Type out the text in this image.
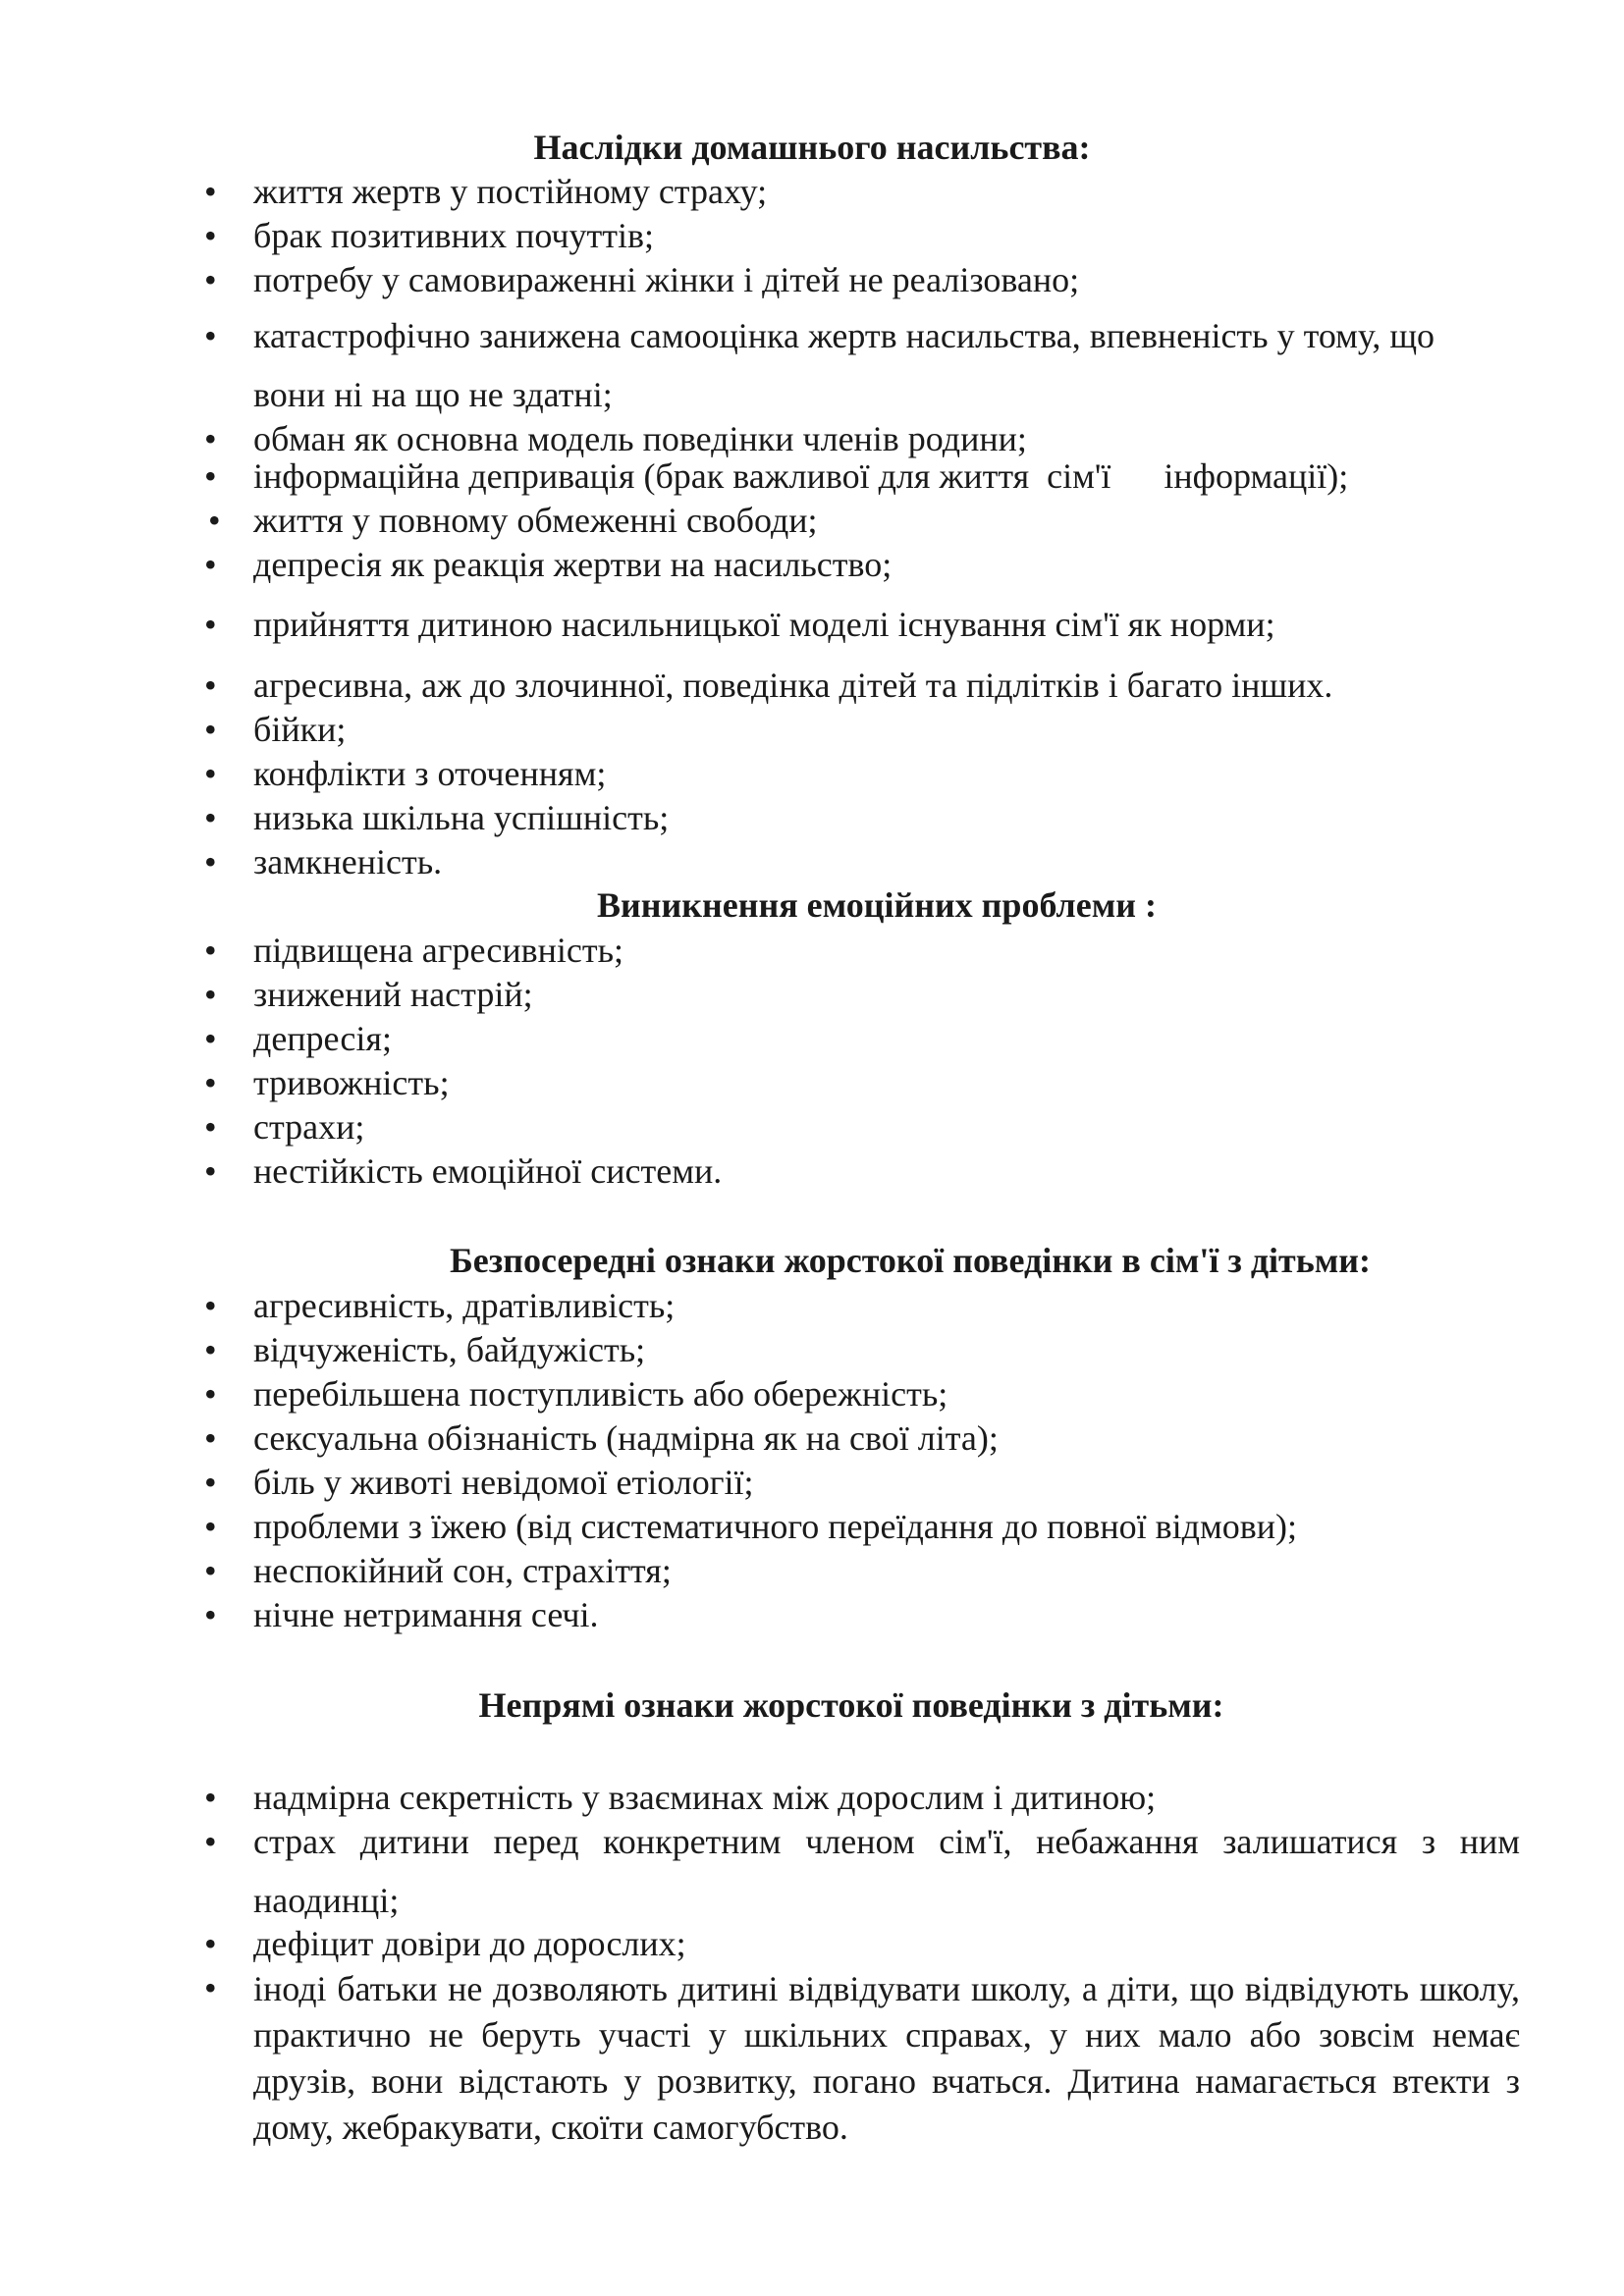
Наслідки домашнього насильства:
• життя жертв у постійному страху;
• брак позитивних почуттів;
• потребу у самовираженні жінки і дітей не реалізовано;
• катастрофічно занижена самооцінка жертв насильства, впевненість у тому, що вони ні на що не здатні;
• обман як основна модель поведінки членів родини;
• інформаційна депривація (брак важливої для життя  сім'ї      інформації);
• життя у повному обмеженні свободи;
• депресія як реакція жертви на насильство;
• прийняття дитиною насильницької моделі існування сім'ї як норми;
• агресивна, аж до злочинної, поведінка дітей та підлітків і багато інших.
• бійки;
• конфлікти з оточенням;
• низька шкільна успішність;
• замкненість.
Виникнення емоційних проблеми :
• підвищена агресивність;
• знижений настрій;
• депресія;
• тривожність;
• страхи;
• нестійкість емоційної системи.
Безпосередні ознаки жорстокої поведінки в сім'ї з дітьми:
• агресивність, дратівливість;
• відчуженість, байдужість;
• перебільшена поступливість або обережність;
• сексуальна обізнаність (надмірна як на свої літа);
• біль у животі невідомої етіології;
• проблеми з їжею (від систематичного переїдання до повної відмови);
• неспокійний сон, страхіття;
• нічне нетримання сечі.
Непрямі ознаки жорстокої поведінки з дітьми:
• надмірна секретність у взаєминах між дорослим і дитиною;
• страх дитини перед конкретним членом сім'ї, небажання залишатися з ним наодинці;
• дефіцит довіри до дорослих;
• іноді батьки не дозволяють дитині відвідувати школу, а діти, що відвідують школу, практично не беруть участі у шкільних справах, у них мало або зовсім немає друзів, вони відстають у розвитку, погано вчаться. Дитина намагається втекти з дому, жебракувати, скоїти самогубство.
